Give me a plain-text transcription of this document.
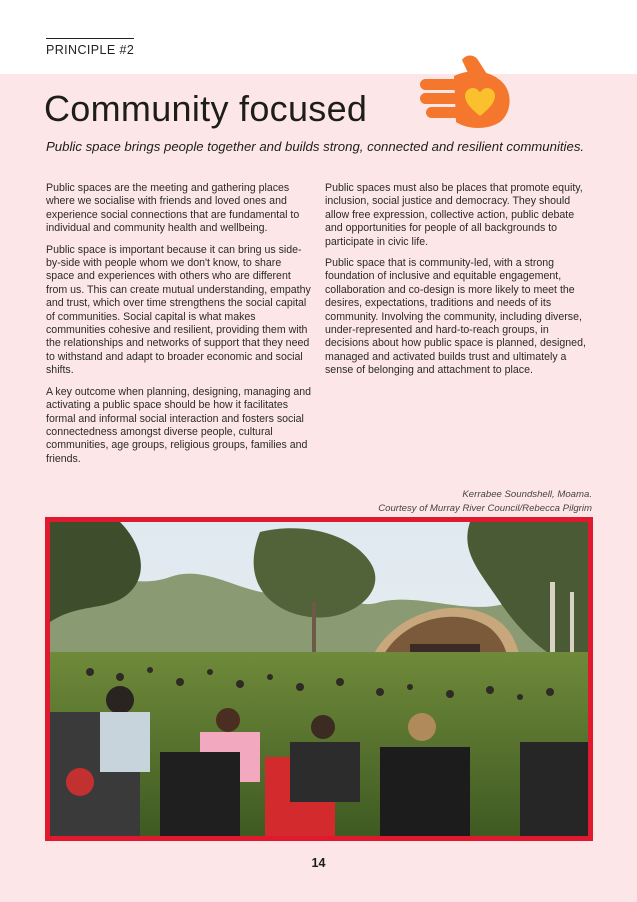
PRINCIPLE #2
Community focused

Public space brings people together and builds strong, connected and resilient communities.

Public spaces are the meeting and gathering places where we socialise with friends and loved ones and experience social connections that are fundamental to individual and community health and wellbeing.

Public space is important because it can bring us side-by-side with people whom we don't know, to share space and experiences with others who are different from us. This can create mutual understanding, empathy and trust, which over time strengthens the social capital of communities. Social capital is what makes communities cohesive and resilient, providing them with the relationships and networks of support that they need to withstand and adapt to broader economic and social shifts.

A key outcome when planning, designing, managing and activating a public space should be how it facilitates formal and informal social interaction and fosters social connectedness amongst diverse people, cultural communities, age groups, religious groups, families and friends.

Public spaces must also be places that promote equity, inclusion, social justice and democracy. They should allow free expression, collective action, public debate and opportunities for people of all backgrounds to participate in civic life.

Public space that is community-led, with a strong foundation of inclusive and equitable engagement, collaboration and co-design is more likely to meet the desires, expectations, traditions and needs of its community. Involving the community, including diverse, under-represented and hard-to-reach groups, in decisions about how public space is planned, designed, managed and activated builds trust and ultimately a sense of belonging and attachment to place.

Kerrabee Soundshell, Moama.
Courtesy of Murray River Council/Rebecca Pilgrim
14
